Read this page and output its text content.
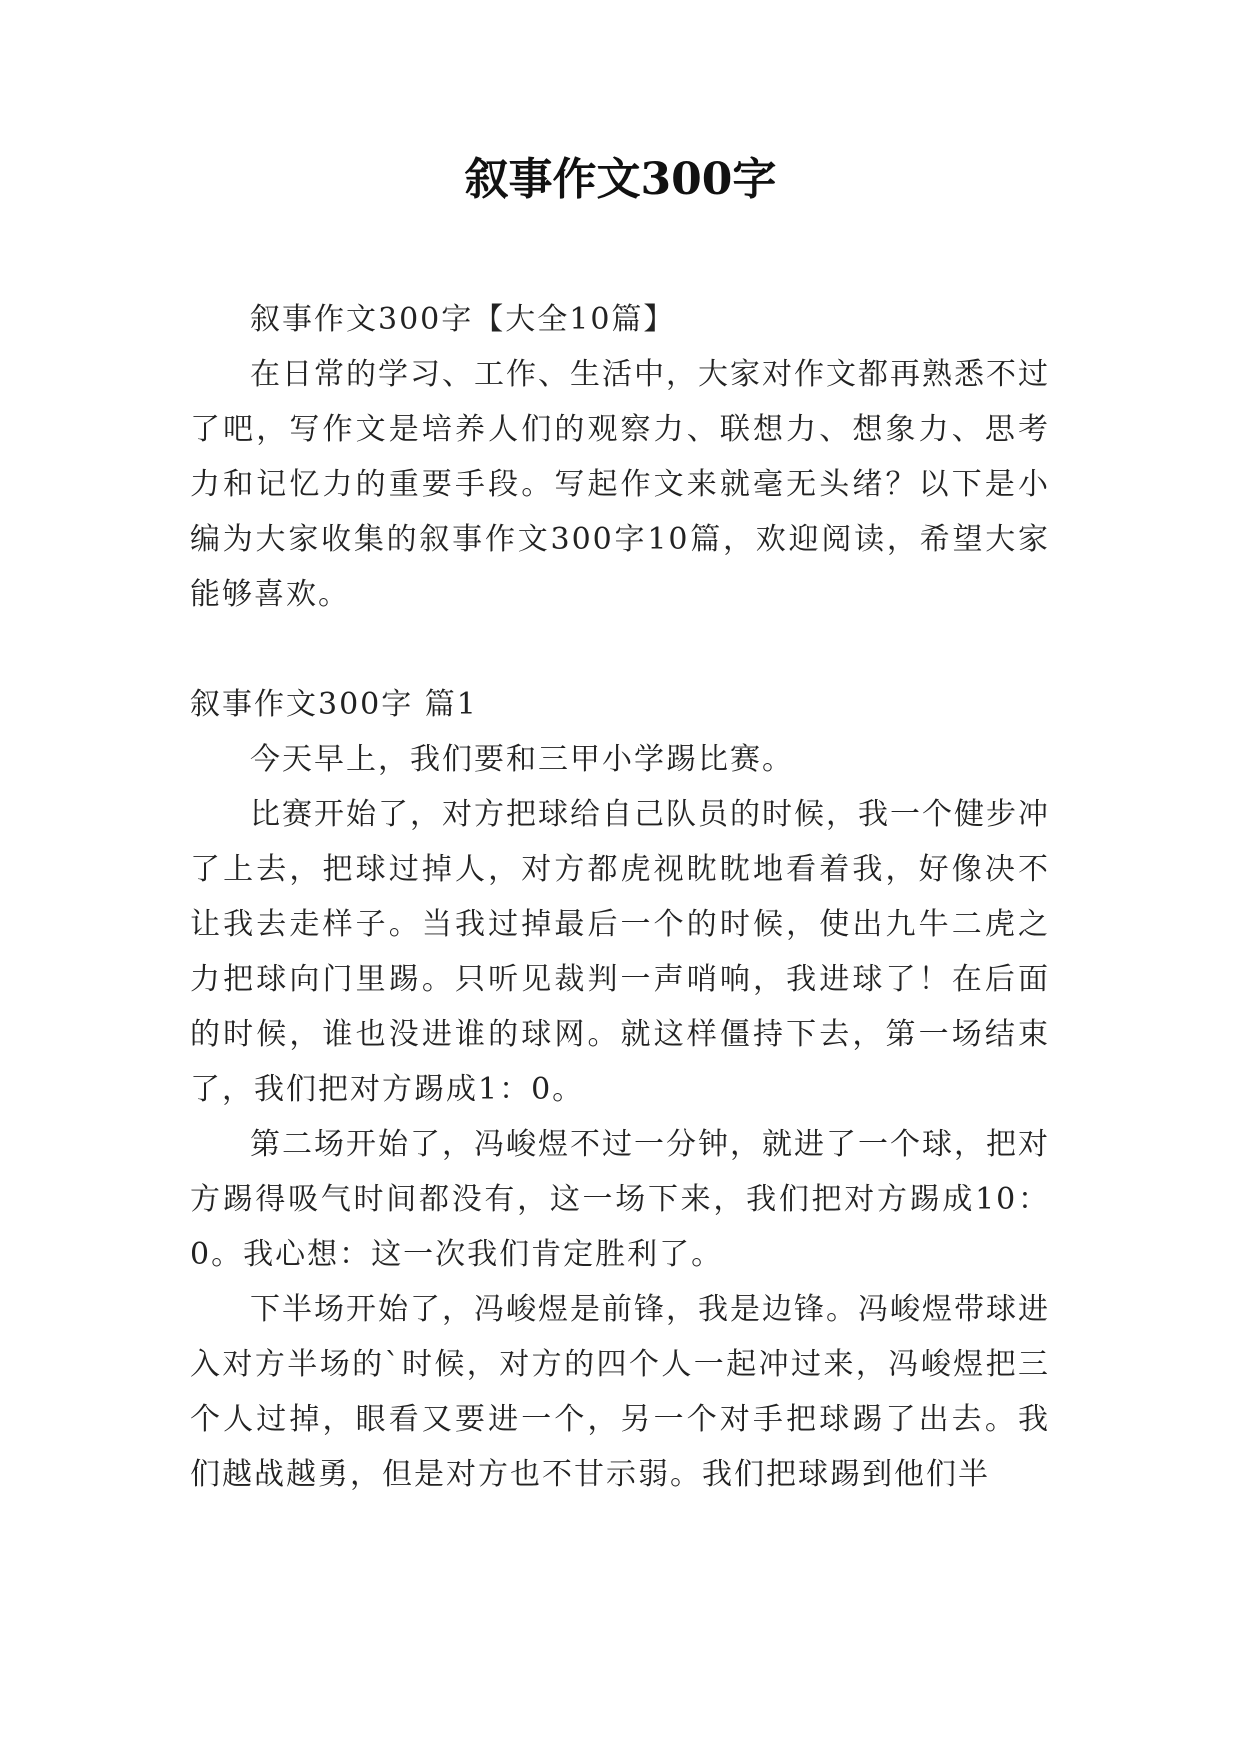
叙事作文300字

叙事作文300字【大全10篇】

在日常的学习、工作、生活中，大家对作文都再熟悉不过了吧，写作文是培养人们的观察力、联想力、想象力、思考力和记忆力的重要手段。写起作文来就毫无头绪？以下是小编为大家收集的叙事作文300字10篇，欢迎阅读，希望大家能够喜欢。

叙事作文300字 篇1

今天早上，我们要和三甲小学踢比赛。

比赛开始了，对方把球给自己队员的时候，我一个健步冲了上去，把球过掉人，对方都虎视眈眈地看着我，好像决不让我去走样子。当我过掉最后一个的时候，使出九牛二虎之力把球向门里踢。只听见裁判一声哨响，我进球了！在后面的时候，谁也没进谁的球网。就这样僵持下去，第一场结束了，我们把对方踢成1：0。

第二场开始了，冯峻煜不过一分钟，就进了一个球，把对方踢得吸气时间都没有，这一场下来，我们把对方踢成10：0。我心想：这一次我们肯定胜利了。

下半场开始了，冯峻煜是前锋，我是边锋。冯峻煜带球进入对方半场的`时候，对方的四个人一起冲过来，冯峻煜把三个人过掉，眼看又要进一个，另一个对手把球踢了出去。我们越战越勇，但是对方也不甘示弱。我们把球踢到他们半
